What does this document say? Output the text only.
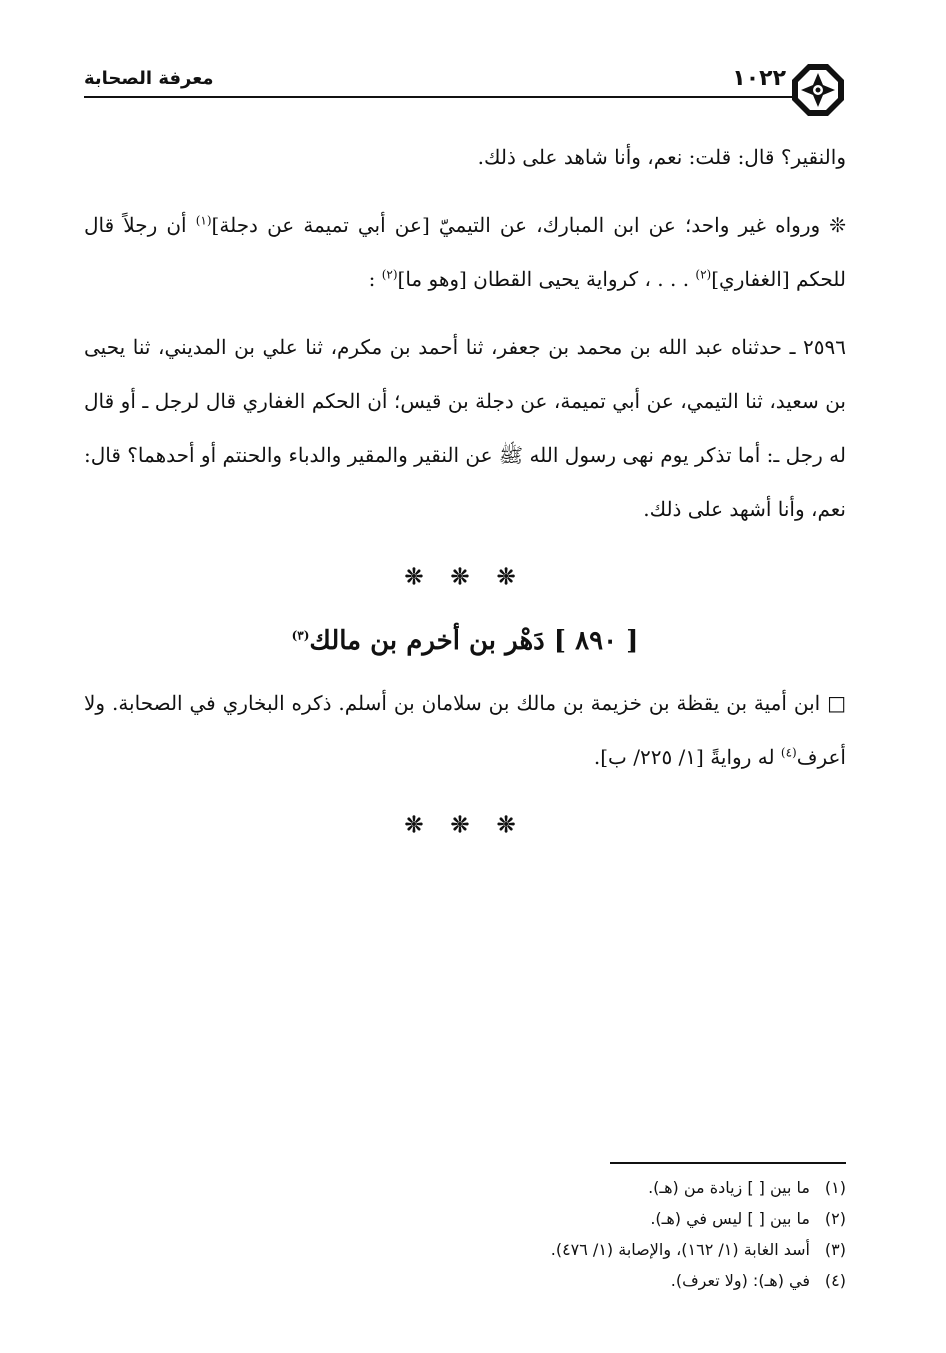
١٠٢٢
معرفة الصحابة

والنقير؟ قال: قلت: نعم، وأنا شاهد على ذلك.

❊ ورواه غير واحد؛ عن ابن المبارك، عن التيميّ [عن أبي تميمة عن دجلة]$^{(١)}$ أن رجلاً قال للحكم [الغفاري]$^{(٢)}$ . . . ، كرواية يحيى القطان [وهو ما]$^{(٢)}$ :

٢٥٩٦ ـ حدثناه عبد الله بن محمد بن جعفر، ثنا أحمد بن مكرم، ثنا علي بن المديني، ثنا يحيى بن سعيد، ثنا التيمي، عن أبي تميمة، عن دجلة بن قيس؛ أن الحكم الغفاري قال لرجل ـ أو قال له رجل ـ: أما تذكر يوم نهى رسول الله ﷺ عن النقير والمقير والدباء والحنتم أو أحدهما؟ قال: نعم، وأنا أشهد على ذلك.

❊ ❊ ❊
[ ٨٩٠ ] دَهْر بن أخرم بن مالك$^{(٣)}$

□ ابن أمية بن يقظة بن خزيمة بن مالك بن سلامان بن أسلم. ذكره البخاري في الصحابة. ولا أعرف$^{(٤)}$ له روايةً [١/ ٢٢٥/ ب].

❊ ❊ ❊

(١)ما بين [ ] زيادة من (هـ).

(٢)ما بين [ ] ليس في (هـ).

(٣)أسد الغابة (١/ ١٦٢)، والإصابة (١/ ٤٧٦).

(٤)في (هـ): (ولا تعرف).
